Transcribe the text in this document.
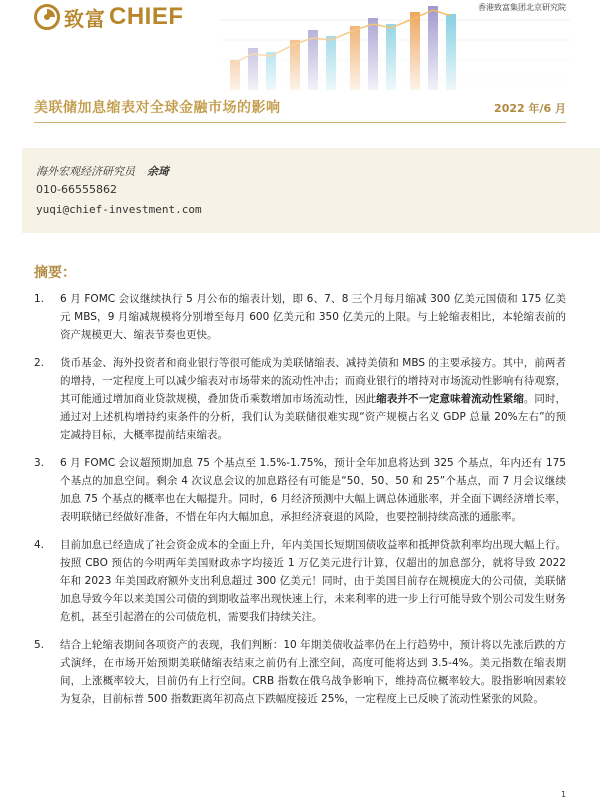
致富 CHIEF	香港致富集团北京研究院
美联储加息缩表对全球金融市场的影响	2022 年/6 月
海外宏观经济研究员 余琦
010-66555862
yuqi@chief-investment.com
摘要：
1.	6 月 FOMC 会议继续执行 5 月公布的缩表计划，即 6、7、8 三个月每月缩减 300 亿美元国债和 175 亿美元 MBS，9 月缩减规模将分别增至每月 600 亿美元和 350 亿美元的上限。与上轮缩表相比，本轮缩表前的资产规模更大、缩表节奏也更快。

2.	货币基金、海外投资者和商业银行等很可能成为美联储缩表、减持美债和 MBS 的主要承接方。其中，前两者的增持，一定程度上可以减少缩表对市场带来的流动性冲击；而商业银行的增持对市场流动性影响有待观察，其可能通过增加商业贷款规模，叠加货币乘数增加市场流动性，因此缩表并不一定意味着流动性紧缩。同时，通过对上述机构增持约束条件的分析，我们认为美联储很难实现“资产规模占名义 GDP 总量 20%左右”的预定减持目标，大概率提前结束缩表。

3.	6 月 FOMC 会议超预期加息 75 个基点至 1.5%-1.75%，预计全年加息将达到 325 个基点，年内还有 175 个基点的加息空间。剩余 4 次议息会议的加息路径有可能是“50、50、50 和 25”个基点，而 7 月会议继续加息 75 个基点的概率也在大幅提升。同时，6 月经济预测中大幅上调总体通胀率，并全面下调经济增长率，表明联储已经做好准备，不惜在年内大幅加息，承担经济衰退的风险，也要控制持续高涨的通胀率。

4.	目前加息已经造成了社会资金成本的全面上升，年内美国长短期国债收益率和抵押贷款利率均出现大幅上行。按照 CBO 预估的今明两年美国财政赤字均接近 1 万亿美元进行计算，仅超出的加息部分，就将导致 2022 年和 2023 年美国政府额外支出利息超过 300 亿美元！同时，由于美国目前存在规模庞大的公司债，美联储加息导致今年以来美国公司债的到期收益率出现快速上行，未来利率的进一步上行可能导致个别公司发生财务危机，甚至引起潜在的公司债危机，需要我们持续关注。

5.	结合上轮缩表期间各项资产的表现，我们判断：10 年期美债收益率仍在上行趋势中，预计将以先涨后跌的方式演绎，在市场开始预期美联储缩表结束之前仍有上涨空间，高度可能将达到 3.5-4%。美元指数在缩表期间，上涨概率较大，目前仍有上行空间。CRB 指数在俄乌战争影响下，维持高位概率较大。股指影响因素较为复杂，目前标普 500 指数距离年初高点下跌幅度接近 25%，一定程度上已反映了流动性紧张的风险。

1
